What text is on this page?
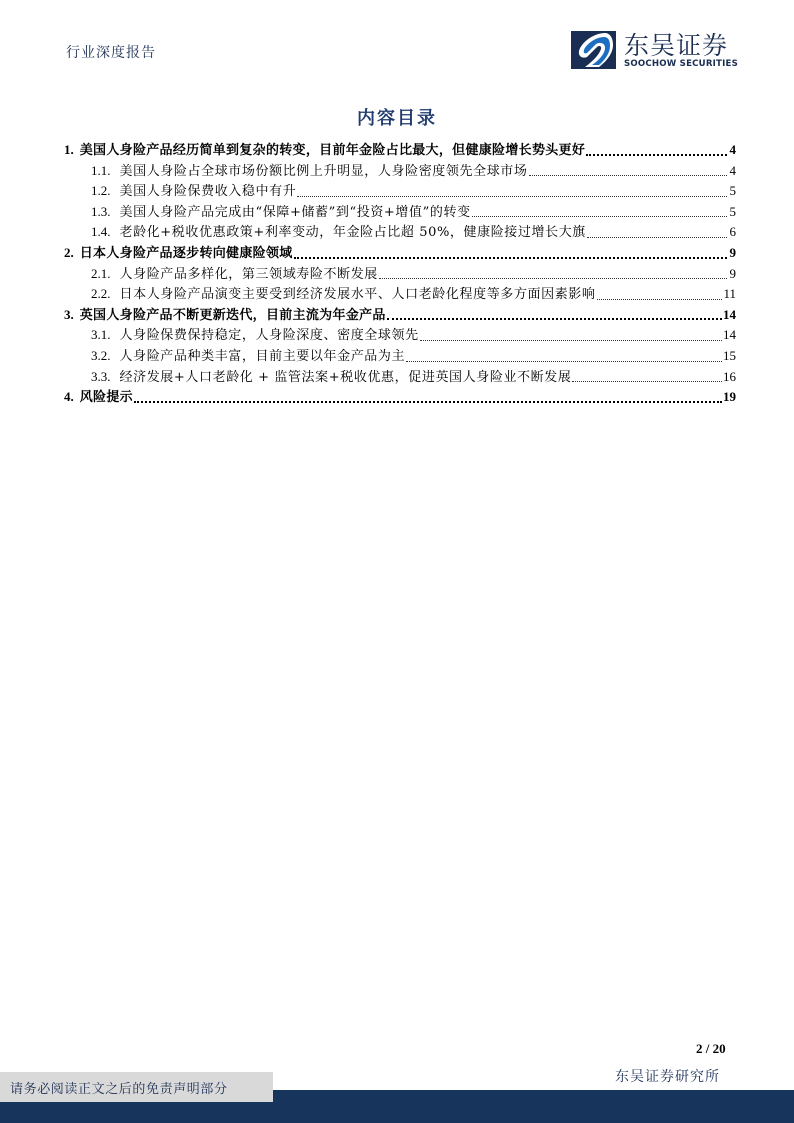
行业深度报告	东吴证券
SOOCHOW SECURITIES
内容目录
1. 美国人身险产品经历简单到复杂的转变，目前年金险占比最大，但健康险增长势头更好	4
1.1. 美国人身险占全球市场份额比例上升明显，人身险密度领先全球市场	4
1.2. 美国人身险保费收入稳中有升	5
1.3. 美国人身险产品完成由“保障+储蓄”到“投资+增值”的转变	5
1.4. 老龄化+税收优惠政策+利率变动，年金险占比超 50%，健康险接过增长大旗	6
2. 日本人身险产品逐步转向健康险领域	9
2.1. 人身险产品多样化，第三领域寿险不断发展	9
2.2. 日本人身险产品演变主要受到经济发展水平、人口老龄化程度等多方面因素影响	11
3. 英国人身险产品不断更新迭代，目前主流为年金产品	14
3.1. 人身险保费保持稳定，人身险深度、密度全球领先	14
3.2. 人身险产品种类丰富，目前主要以年金产品为主	15
3.3. 经济发展+人口老龄化 + 监管法案+税收优惠，促进英国人身险业不断发展	16
4. 风险提示	19
2 / 20
东吴证券研究所
请务必阅读正文之后的免责声明部分
